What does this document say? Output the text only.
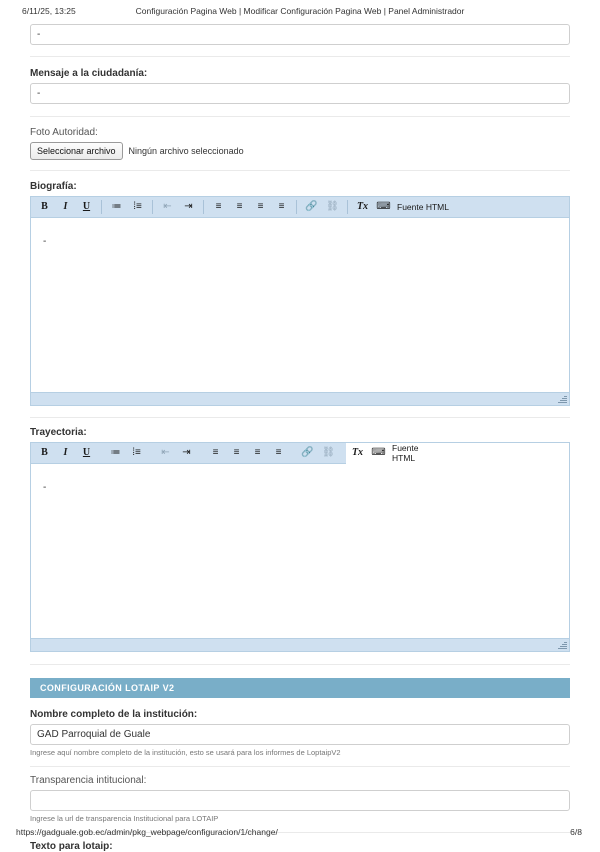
6/11/25, 13:25	Configuración Pagina Web | Modificar Configuración Pagina Web | Panel Administrador
-
Mensaje a la ciudadanía:
-
Foto Autoridad:
Seleccionar archivo	Ningún archivo seleccionado
Biografía:
B	I	U	≔	⁞≡	⇤	⇥	≡	≡	≡	≡	🔗 ⛓	Tx ⌨ Fuente HTML
-
Trayectoria:
B	I	U	≔	⁞≡	⇤	⇥	≡	≡	≡	≡	🔗 ⛓	Tx ⌨ Fuente HTML
-
CONFIGURACIÓN LOTAIP V2
Nombre completo de la institución:
GAD Parroquial de Guale
Ingrese aquí nombre completo de la institución, esto se usará para los informes de LoptaipV2
Transparencia intitucional:
Ingrese la url de transparencia Institucional para LOTAIP
Texto para lotaip:
https://gadguale.gob.ec/admin/pkg_webpage/configuracion/1/change/	6/8
